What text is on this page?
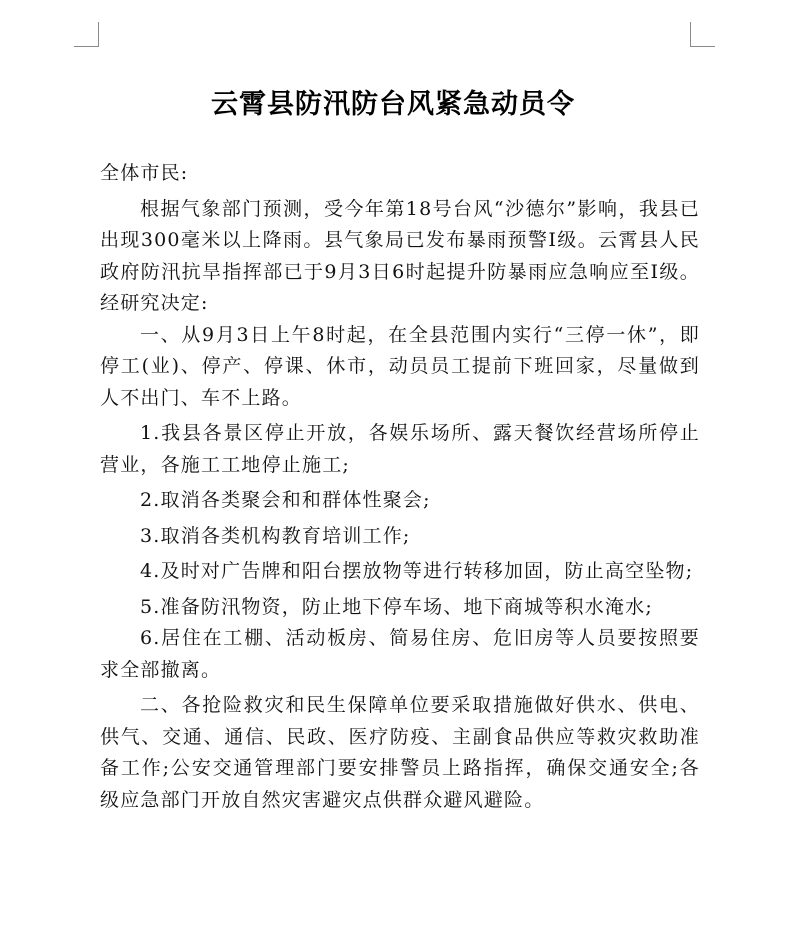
云霄县防汛防台风紧急动员令

全体市民:

根据气象部门预测，受今年第18号台风“沙德尔”影响，我县已出现300毫米以上降雨。县气象局已发布暴雨预警Ⅰ级。云霄县人民政府防汛抗旱指挥部已于9月3日6时起提升防暴雨应急响应至Ⅰ级。经研究决定:

一、从9月3日上午8时起，在全县范围内实行“三停一休”，即停工(业)、停产、停课、休市，动员员工提前下班回家，尽量做到人不出门、车不上路。

1.我县各景区停止开放，各娱乐场所、露天餐饮经营场所停止营业，各施工工地停止施工;

2.取消各类聚会和和群体性聚会;

3.取消各类机构教育培训工作;

4.及时对广告牌和阳台摆放物等进行转移加固，防止高空坠物;

5.准备防汛物资，防止地下停车场、地下商城等积水淹水;

6.居住在工棚、活动板房、简易住房、危旧房等人员要按照要求全部撤离。

二、各抢险救灾和民生保障单位要采取措施做好供水、供电、供气、交通、通信、民政、医疗防疫、主副食品供应等救灾救助准备工作;公安交通管理部门要安排警员上路指挥，确保交通安全;各级应急部门开放自然灾害避灾点供群众避风避险。
